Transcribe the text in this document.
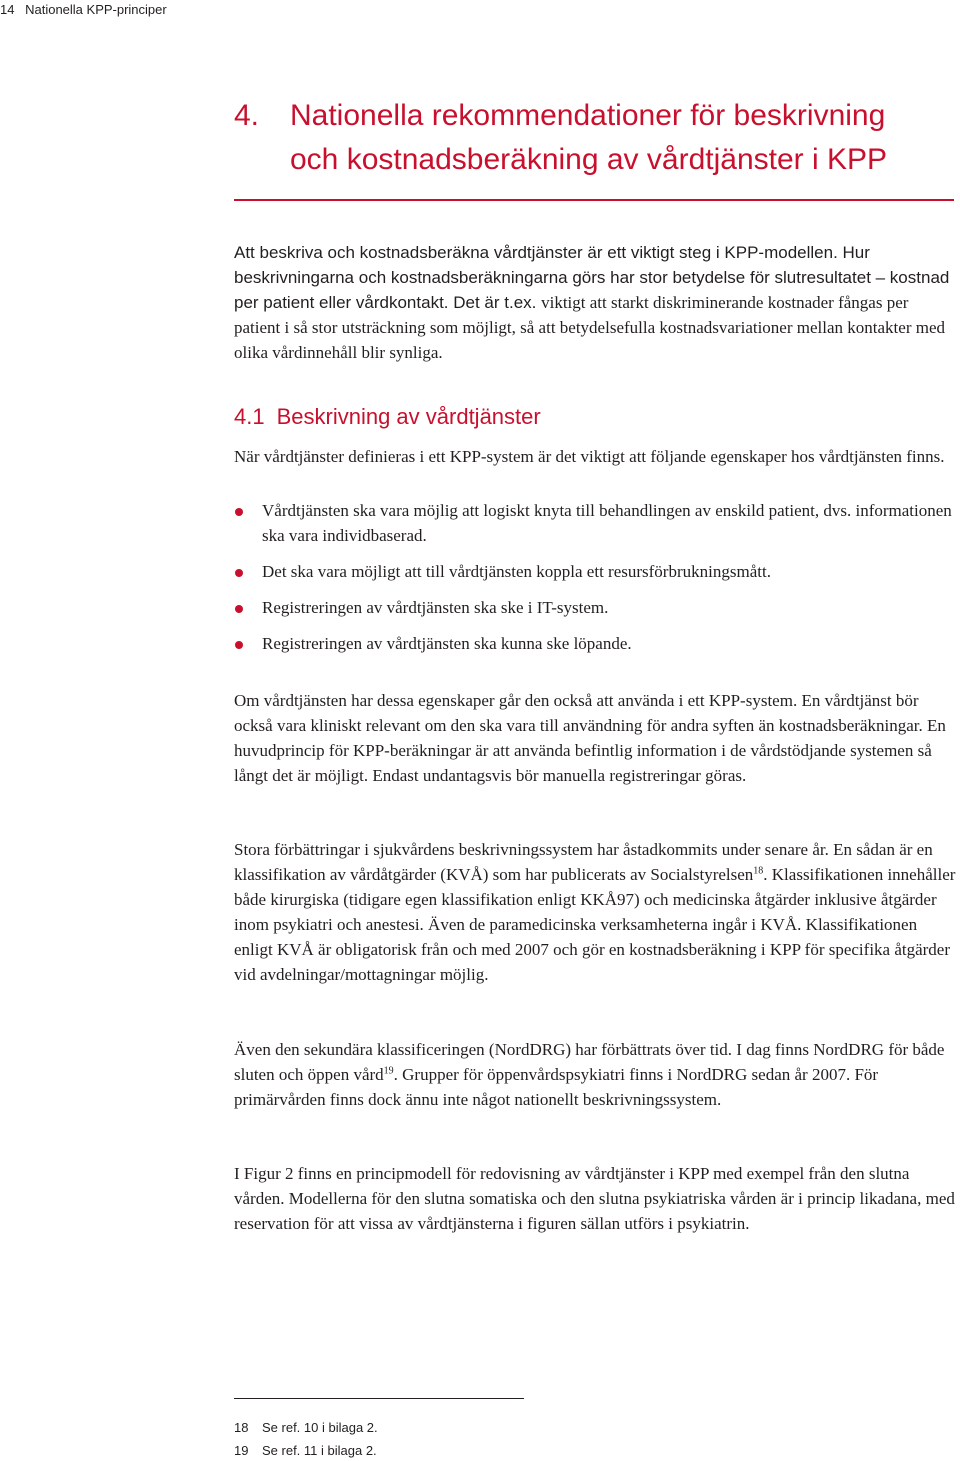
14 Nationella KPP-principer
4. Nationella rekommendationer för beskrivning
och kostnadsberäkning av vårdtjänster i KPP

Att beskriva och kostnadsberäkna vårdtjänster är ett viktigt steg i KPP-modellen. Hur beskrivningarna och kostnadsberäkningarna görs har stor betydelse för slutresultatet – kostnad per patient eller vårdkontakt. Det är t.ex. viktigt att starkt diskriminerande kostnader fångas per patient i så stor utsträckning som möjligt, så att betydelsefulla kostnadsvariationer mellan kontakter med olika vårdinnehåll blir synliga.

4.1 Beskrivning av vårdtjänster

När vårdtjänster definieras i ett KPP-system är det viktigt att följande egenskaper hos vårdtjänsten finns.

Vårdtjänsten ska vara möjlig att logiskt knyta till behandlingen av enskild patient, dvs. informationen ska vara individbaserad.
Det ska vara möjligt att till vårdtjänsten koppla ett resursförbrukningsmått.
Registreringen av vårdtjänsten ska ske i IT-system.
Registreringen av vårdtjänsten ska kunna ske löpande.

Om vårdtjänsten har dessa egenskaper går den också att använda i ett KPP-system. En vårdtjänst bör också vara kliniskt relevant om den ska vara till användning för andra syften än kostnadsberäkningar. En huvudprincip för KPP-beräkningar är att använda befintlig information i de vårdstödjande systemen så långt det är möjligt. Endast undantagsvis bör manuella registreringar göras.

Stora förbättringar i sjukvårdens beskrivningssystem har åstadkommits under senare år. En sådan är en klassifikation av vårdåtgärder (KVÅ) som har publicerats av Socialstyrelsen$^{18}$. Klassifikationen innehåller både kirurgiska (tidigare egen klassifikation enligt KKÅ97) och medicinska åtgärder inklusive åtgärder inom psykiatri och anestesi. Även de paramedicinska verksamheterna ingår i KVÅ. Klassifikationen enligt KVÅ är obligatorisk från och med 2007 och gör en kostnadsberäkning i KPP för specifika åtgärder vid avdelningar/mottagningar möjlig.

Även den sekundära klassificeringen (NordDRG) har förbättrats över tid. I dag finns NordDRG för både sluten och öppen vård$^{19}$. Grupper för öppenvårdspsykiatri finns i NordDRG sedan år 2007. För primärvården finns dock ännu inte något nationellt beskrivningssystem.

I Figur 2 finns en principmodell för redovisning av vårdtjänster i KPP med exempel från den slutna vården. Modellerna för den slutna somatiska och den slutna psykiatriska vården är i princip likadana, med reservation för att vissa av vårdtjänsterna i figuren sällan utförs i psykiatrin.

18 Se ref. 10 i bilaga 2.
19 Se ref. 11 i bilaga 2.
